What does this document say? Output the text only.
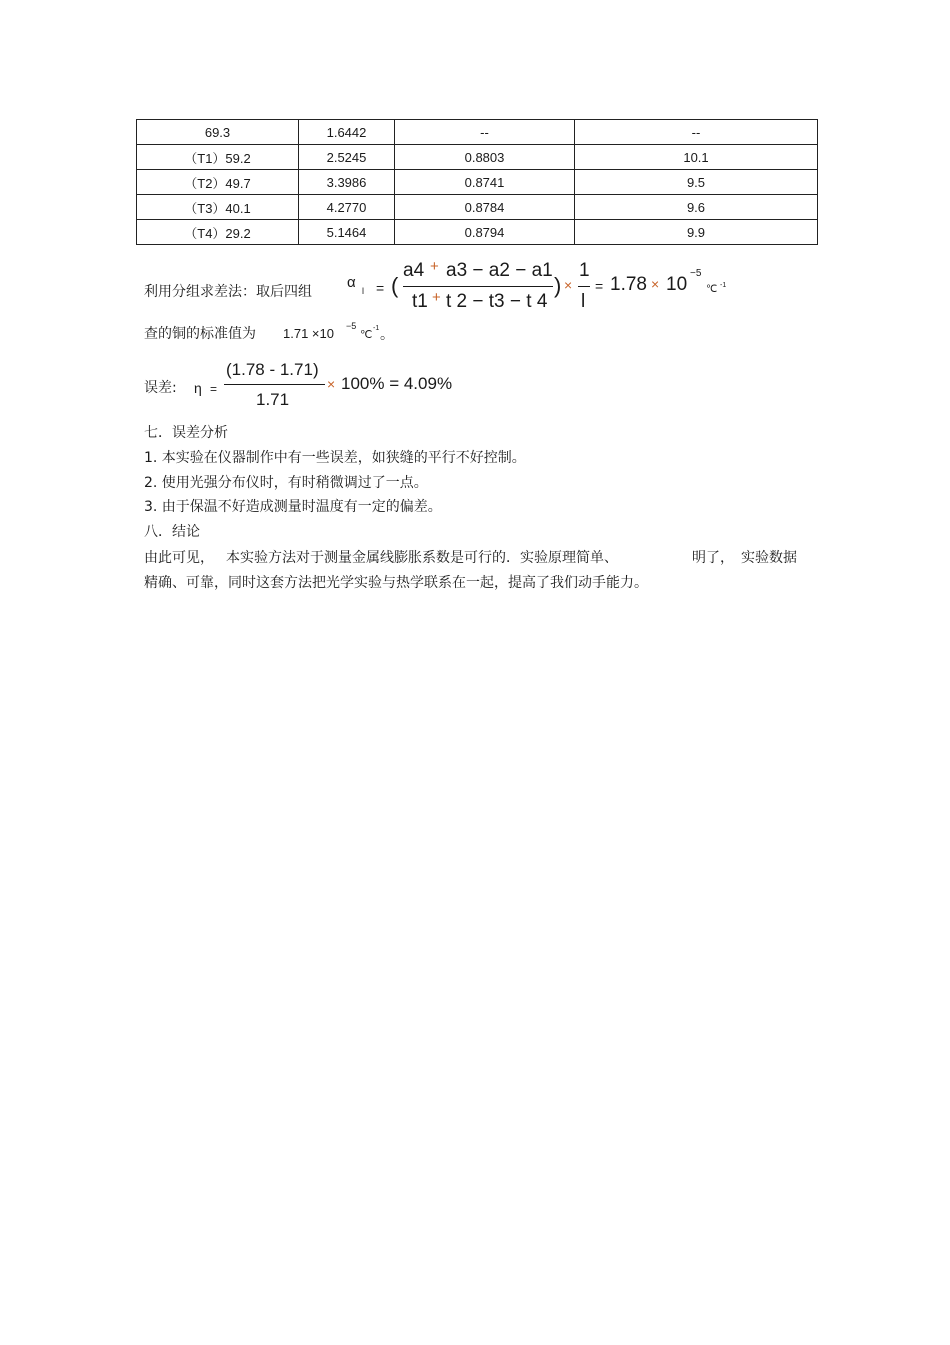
69.3	1.6442	--	--
（T1）59.2	2.5245	0.8803	10.1
（T2）49.7	3.3986	0.8741	9.5
（T3）40.1	4.2770	0.8784	9.6
（T4）29.2	5.1464	0.8794	9.9
利用分组求差法：取后四组
α l = (
a4 + a3 − a2 − a1
t1 + t 2 − t3 − t 4
) ×
1
l
= 1.78 × 10
−5
℃ -1
查的铜的标准值为 1.71 ×10 −5
℃
-1 。
误差: η =
(1.78 - 1.71)
1.71
× 100% = 4.09%
七．误差分析
1. 本实验在仪器制作中有一些误差，如狭缝的平行不好控制。
2. 使用光强分布仪时，有时稍微调过了一点。
3. 由于保温不好造成测量时温度有一定的偏差。
八．结论
由此可见， 本实验方法对于测量金属线膨胀系数是可行的．实验原理简单、	明了， 实验数据
精确、可靠，同时这套方法把光学实验与热学联系在一起，提高了我们动手能力。
